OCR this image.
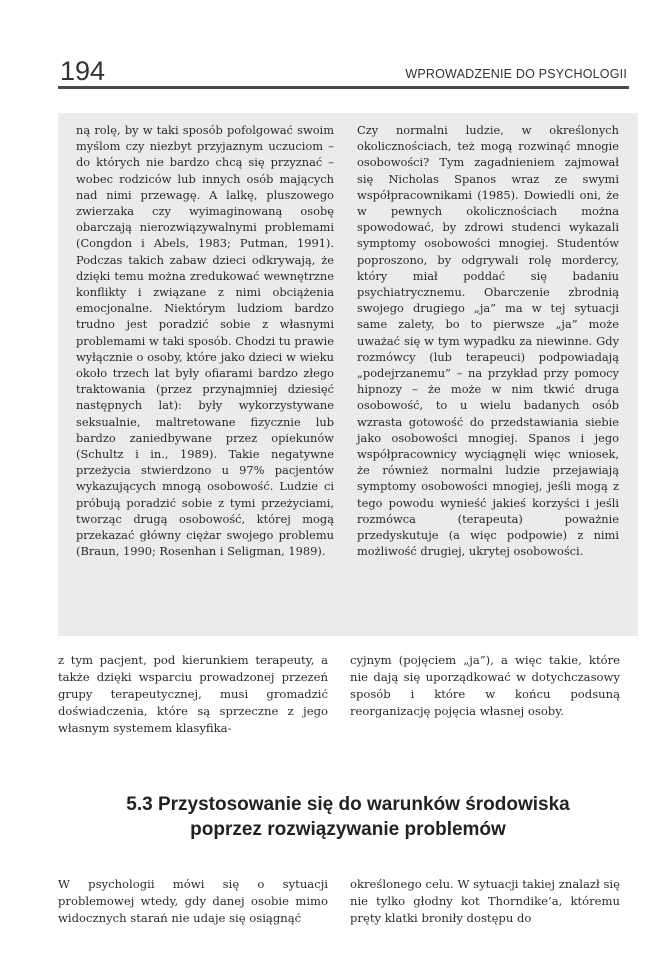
194	WPROWADZENIE DO PSYCHOLOGII

ną rolę, by w taki sposób pofolgować swoim myślom czy niezbyt przyjaznym uczuciom – do których nie bardzo chcą się przyznać – wobec rodziców lub innych osób mających nad nimi przewagę. A lalkę, pluszowego zwierzaka czy wyimaginowaną osobę obarczają nierozwiązywalnymi problemami (Congdon i Abels, 1983; Putman, 1991). Podczas takich zabaw dzieci odkrywają, że dzięki temu można zredukować wewnętrzne konflikty i związane z nimi obciążenia emocjonalne. Niektórym ludziom bardzo trudno jest poradzić sobie z własnymi problemami w taki sposób. Chodzi tu prawie wyłącznie o osoby, które jako dzieci w wieku około trzech lat były ofiarami bardzo złego traktowania (przez przynajmniej dziesięć następnych lat): były wykorzystywane seksualnie, maltretowane fizycznie lub bardzo zaniedbywane przez opiekunów (Schultz i in., 1989). Takie negatywne przeżycia stwierdzono u 97% pacjentów wykazujących mnogą osobowość. Ludzie ci próbują poradzić sobie z tymi przeżyciami, tworząc drugą osobowość, której mogą przekazać główny ciężar swojego problemu (Braun, 1990; Rosenhan i Seligman, 1989).

Czy normalni ludzie, w określonych okolicznościach, też mogą rozwinąć mnogie osobowości? Tym zagadnieniem zajmował się Nicholas Spanos wraz ze swymi współpracownikami (1985). Dowiedli oni, że w pewnych okolicznościach można spowodować, by zdrowi studenci wykazali symptomy osobowości mnogiej. Studentów poproszono, by odgrywali rolę mordercy, który miał poddać się badaniu psychiatrycznemu. Obarczenie zbrodnią swojego drugiego „ja” ma w tej sytuacji same zalety, bo to pierwsze „ja” może uważać się w tym wypadku za niewinne. Gdy rozmówcy (lub terapeuci) podpowiadają „podejrzanemu” – na przykład przy pomocy hipnozy – że może w nim tkwić druga osobowość, to u wielu badanych osób wzrasta gotowość do przedstawiania siebie jako osobowości mnogiej. Spanos i jego współpracownicy wyciągnęli więc wniosek, że również normalni ludzie przejawiają symptomy osobowości mnogiej, jeśli mogą z tego powodu wynieść jakieś korzyści i jeśli rozmówca (terapeuta) poważnie przedyskutuje (a więc podpowie) z nimi możliwość drugiej, ukrytej osobowości.

z tym pacjent, pod kierunkiem terapeuty, a także dzięki wsparciu prowadzonej przezeń grupy terapeutycznej, musi gromadzić doświadczenia, które są sprzeczne z jego własnym systemem klasyfika-

cyjnym (pojęciem „ja”), a więc takie, które nie dają się uporządkować w dotychczasowy sposób i które w końcu podsuną reorganizację pojęcia własnej osoby.

5.3 Przystosowanie się do warunków środowiska
poprzez rozwiązywanie problemów

W psychologii mówi się o sytuacji problemowej wtedy, gdy danej osobie mimo widocznych starań nie udaje się osiągnąć

określonego celu. W sytuacji takiej znalazł się nie tylko głodny kot Thorndike’a, któremu pręty klatki broniły dostępu do
